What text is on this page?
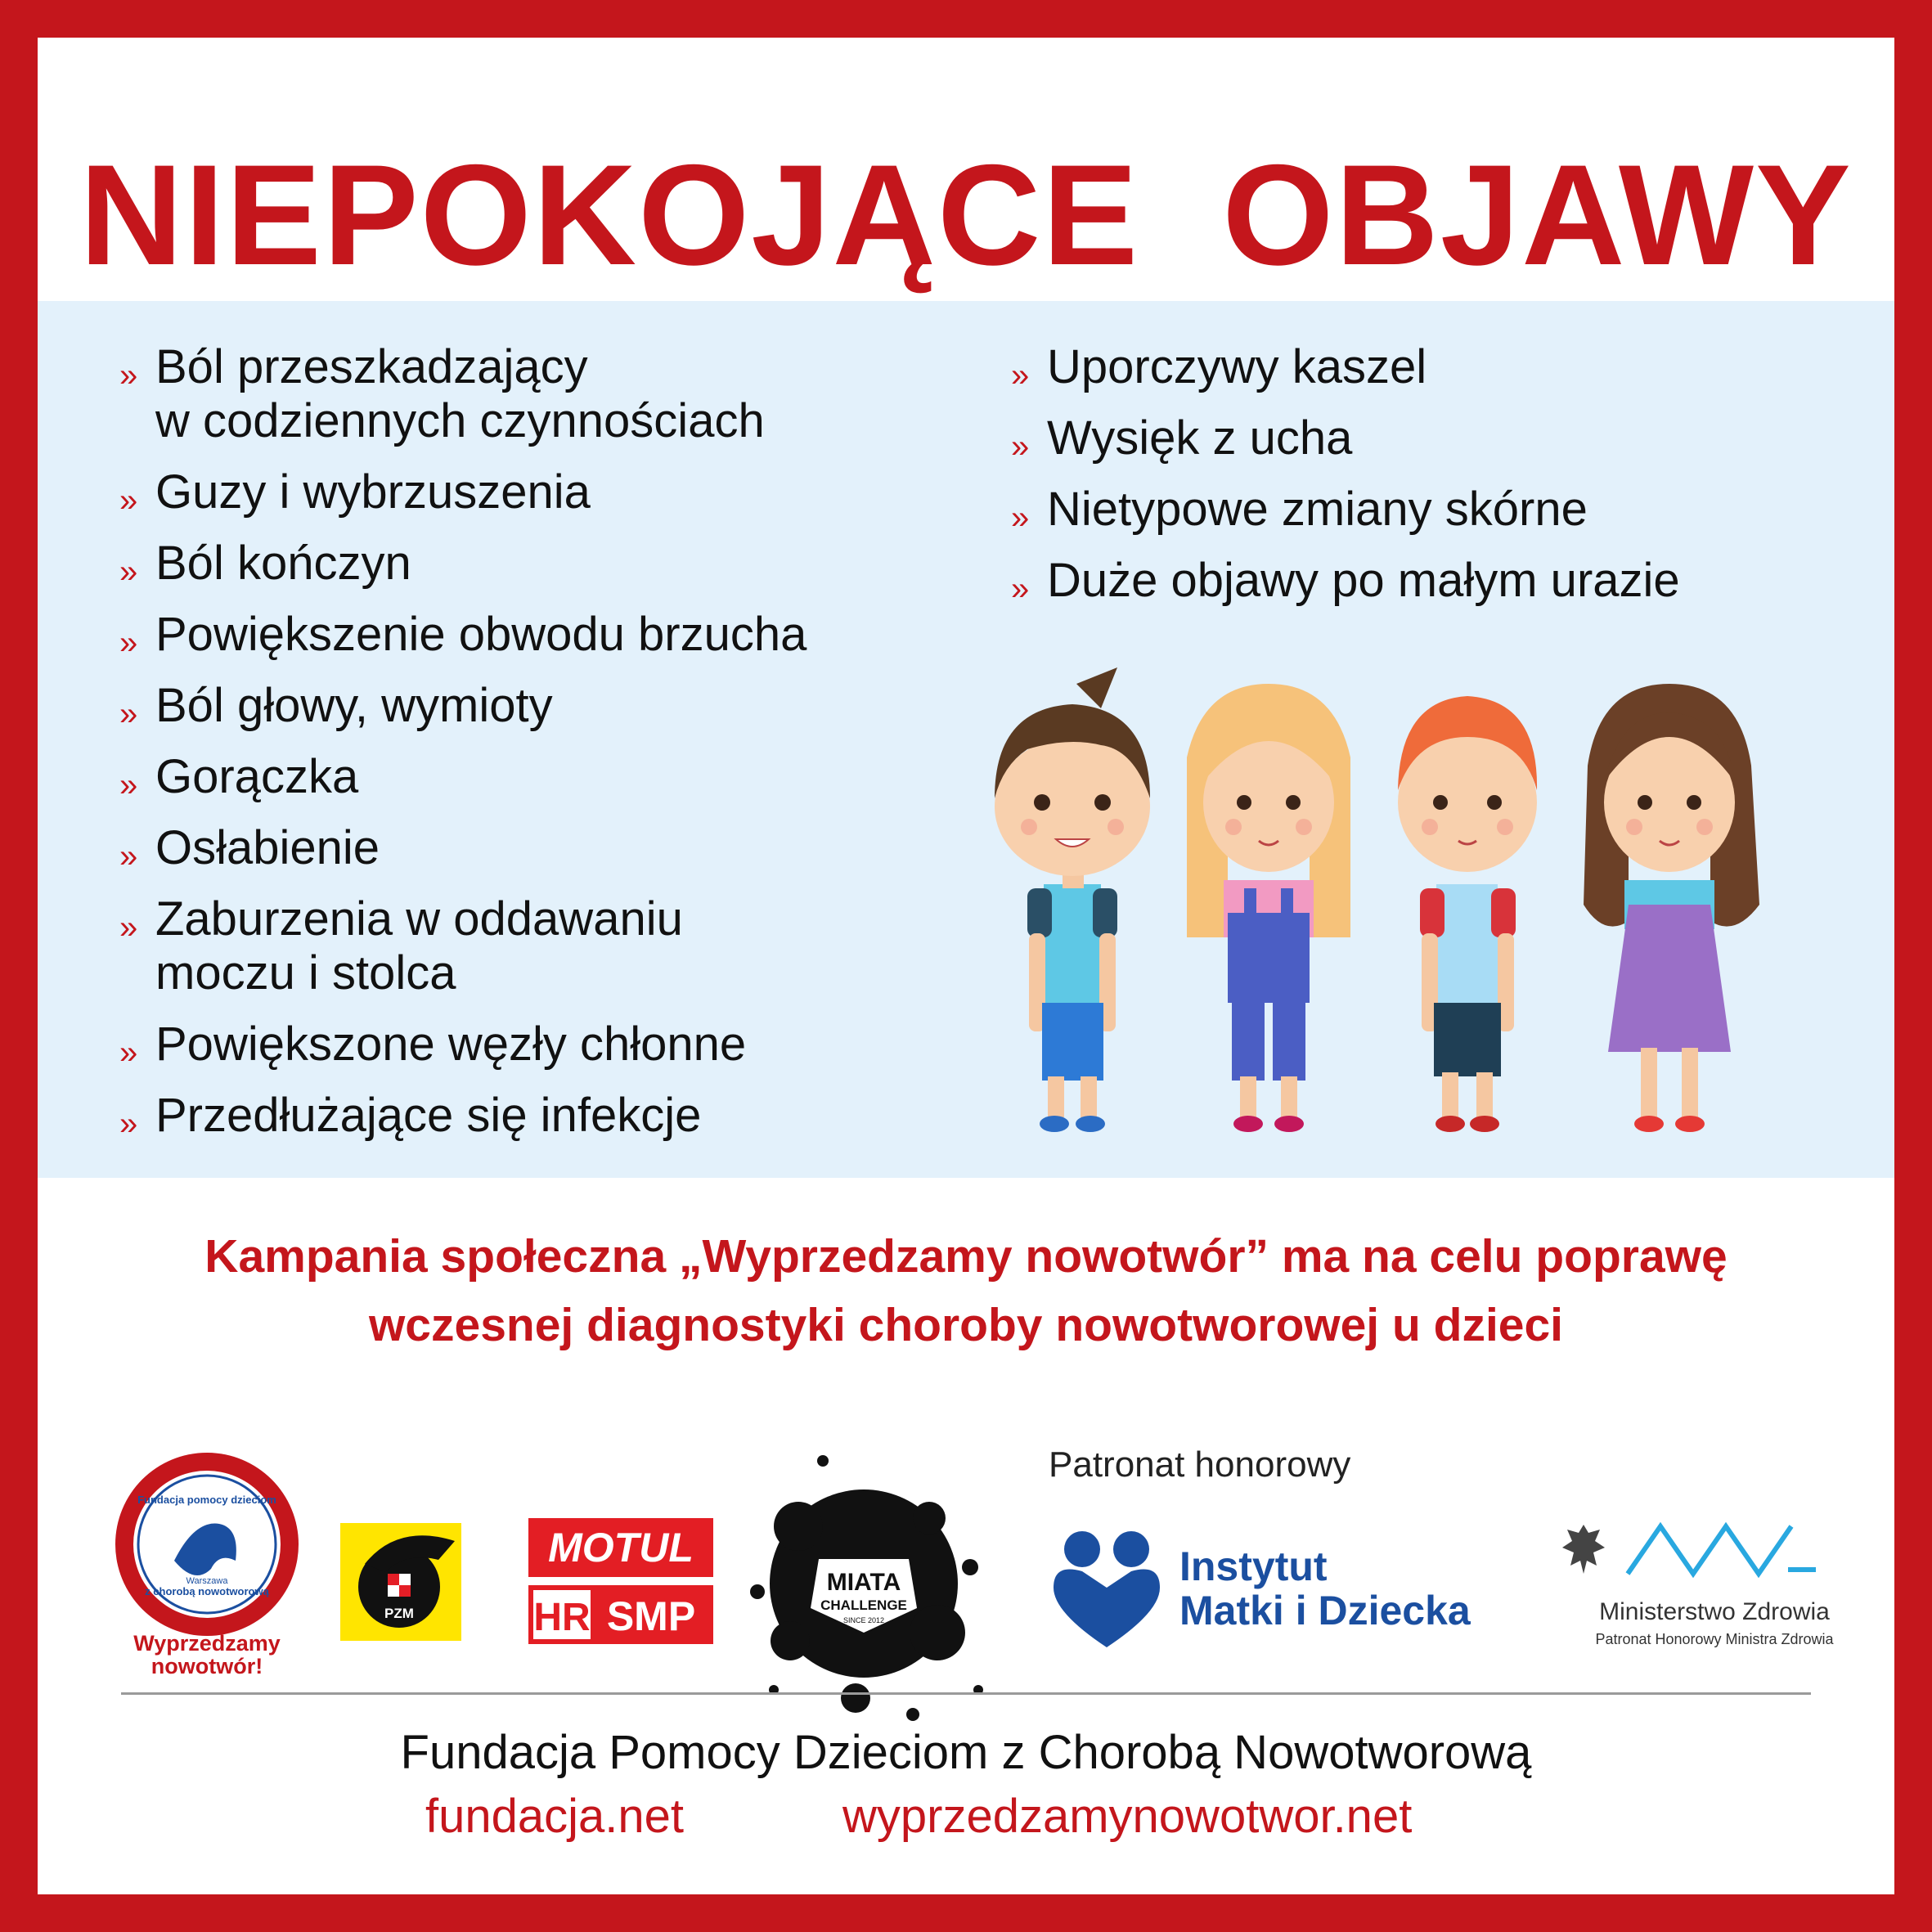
NIEPOKOJĄCE  OBJAWY
» Ból przeszkadzający
w codziennych czynnościach
» Guzy i wybrzuszenia
» Ból kończyn
» Powiększenie obwodu brzucha
» Ból głowy, wymioty
» Gorączka
» Osłabienie
» Zaburzenia w oddawaniu
moczu i stolca
» Powiększone węzły chłonne
» Przedłużające się infekcje
» Uporczywy kaszel
» Wysięk z ucha
» Nietypowe zmiany skórne
» Duże objawy po małym urazie
Kampania społeczna „Wyprzedzamy nowotwór” ma na celu poprawę
wczesnej diagnostyki choroby nowotworowej u dzieci
Patronat honorowy
Fundacja pomocy dzieciom
z chorobą nowotworową
Warszawa
Wyprzedzamy
nowotwór!
PZM
MOTUL
HR SMP
MIATA
CHALLENGE
SINCE 2012
Instytut
Matki i Dziecka	Ministerstwo Zdrowia
Patronat Honorowy Ministra Zdrowia
Fundacja Pomocy Dzieciom z Chorobą Nowotworową
fundacja.net	wyprzedzamynowotwor.net
